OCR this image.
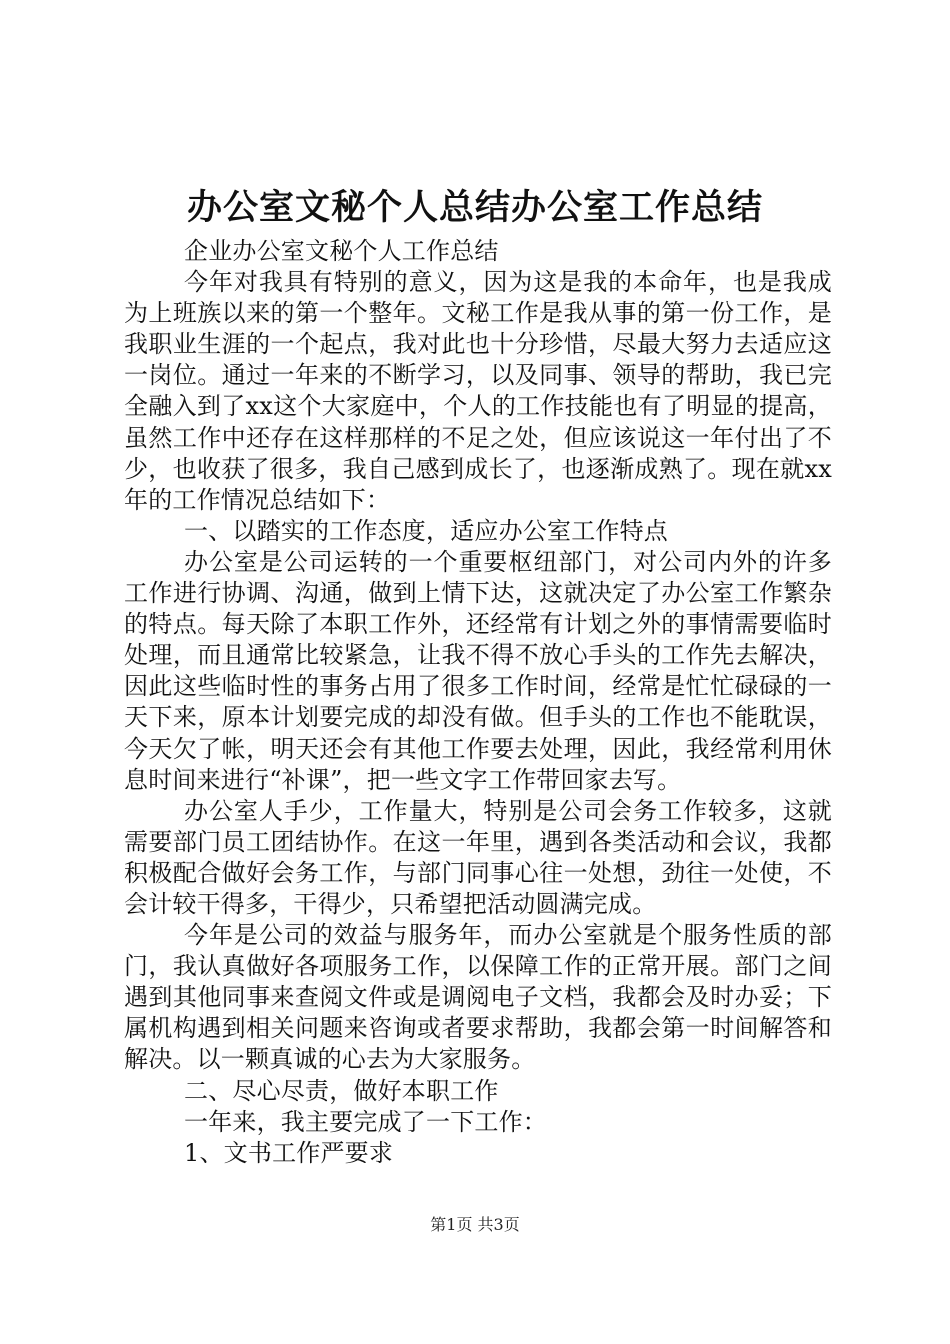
办公室文秘个人总结办公室工作总结

企业办公室文秘个人工作总结

今年对我具有特别的意义，因为这是我的本命年，也是我成为上班族以来的第一个整年。文秘工作是我从事的第一份工作，是我职业生涯的一个起点，我对此也十分珍惜，尽最大努力去适应这一岗位。通过一年来的不断学习，以及同事、领导的帮助，我已完全融入到了xx这个大家庭中，个人的工作技能也有了明显的提高，虽然工作中还存在这样那样的不足之处，但应该说这一年付出了不少，也收获了很多，我自己感到成长了，也逐渐成熟了。现在就xx年的工作情况总结如下：

一、以踏实的工作态度，适应办公室工作特点

办公室是公司运转的一个重要枢纽部门，对公司内外的许多工作进行协调、沟通，做到上情下达，这就决定了办公室工作繁杂的特点。每天除了本职工作外，还经常有计划之外的事情需要临时处理，而且通常比较紧急，让我不得不放心手头的工作先去解决，因此这些临时性的事务占用了很多工作时间，经常是忙忙碌碌的一天下来，原本计划要完成的却没有做。但手头的工作也不能耽误，今天欠了帐，明天还会有其他工作要去处理，因此，我经常利用休息时间来进行“补课”，把一些文字工作带回家去写。

办公室人手少，工作量大，特别是公司会务工作较多，这就需要部门员工团结协作。在这一年里，遇到各类活动和会议，我都积极配合做好会务工作，与部门同事心往一处想，劲往一处使，不会计较干得多，干得少，只希望把活动圆满完成。

今年是公司的效益与服务年，而办公室就是个服务性质的部门，我认真做好各项服务工作，以保障工作的正常开展。部门之间遇到其他同事来查阅文件或是调阅电子文档，我都会及时办妥；下属机构遇到相关问题来咨询或者要求帮助，我都会第一时间解答和解决。以一颗真诚的心去为大家服务。

二、尽心尽责，做好本职工作

一年来，我主要完成了一下工作：

1、文书工作严要求

第1页 共3页
